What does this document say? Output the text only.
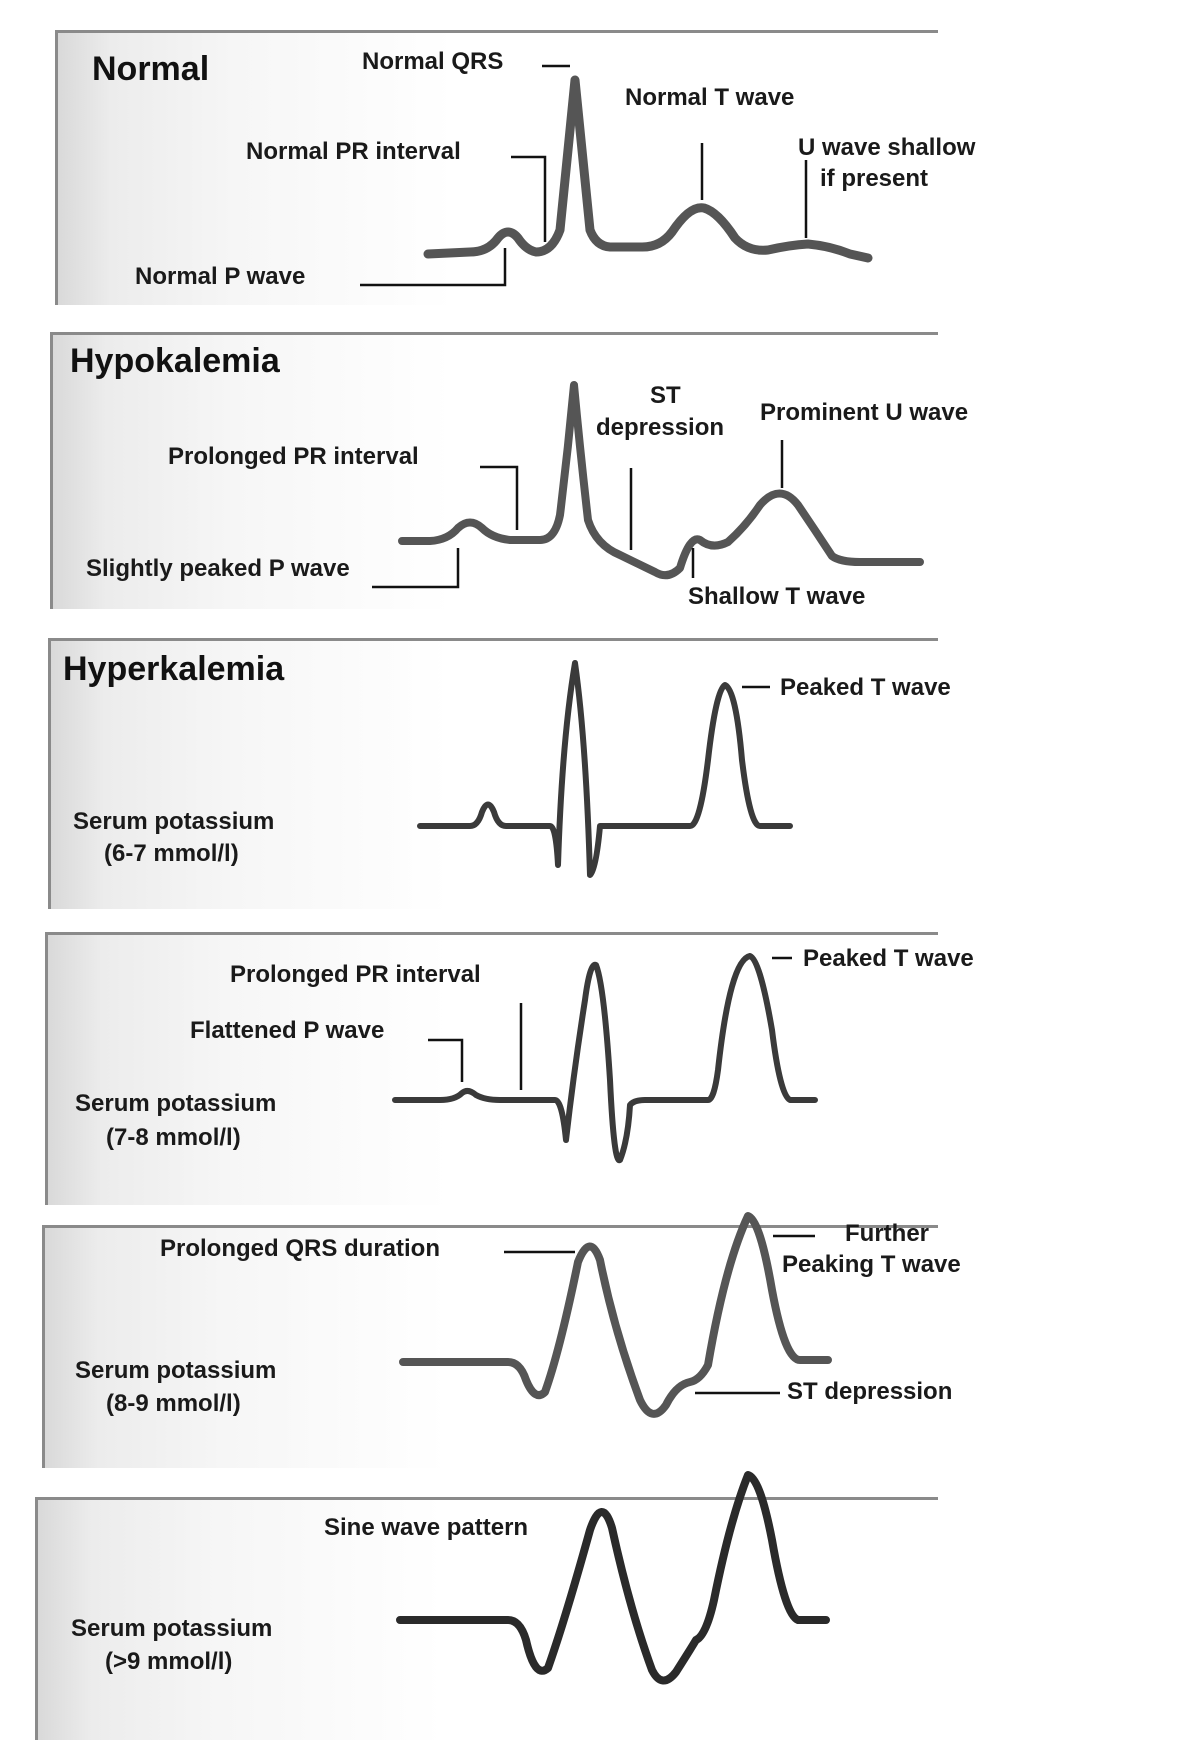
Normal	Normal QRS
Normal T wave
Normal PR interval	U wave shallow
if present
Normal P wave
Hypokalemia
ST
depression
Prominent U wave
Prolonged PR interval
Slightly peaked P wave
Shallow T wave
Hyperkalemia	Peaked T wave
Serum potassium
(6-7 mmol/l)
Prolonged PR interval
Peaked T wave
Flattened P wave
Serum potassium
(7-8 mmol/l)
Prolonged QRS duration
Further
Peaking T wave
ST depression
Serum potassium
(8-9 mmol/l)
Sine wave pattern
Serum potassium
(>9 mmol/l)
